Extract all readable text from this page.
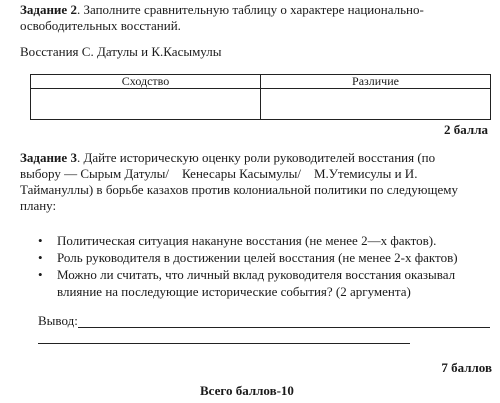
Задание 2. Заполните сравнительную таблицу о характере национально-
освободительных восстаний.
Восстания С. Датулы и К.Касымулы
Сходство	Различие

2 балла
Задание 3. Дайте историческую оценку роли руководителей восстания (по
выбору — Сырым Датулы/    Кенесары Касымулы/    М.Утемисулы и И.
Таймануллы) в борьбе казахов против колониальной политики по следующему
плану:
• Политическая ситуация накануне восстания (не менее 2—х фактов).
• Роль руководителя в достижении целей восстания (не менее 2-х фактов)
• Можно ли считать, что личный вклад руководителя восстания оказывал
влияние на последующие исторические события? (2 аргумента)
Вывод:
7 баллов
Всего баллов-10
